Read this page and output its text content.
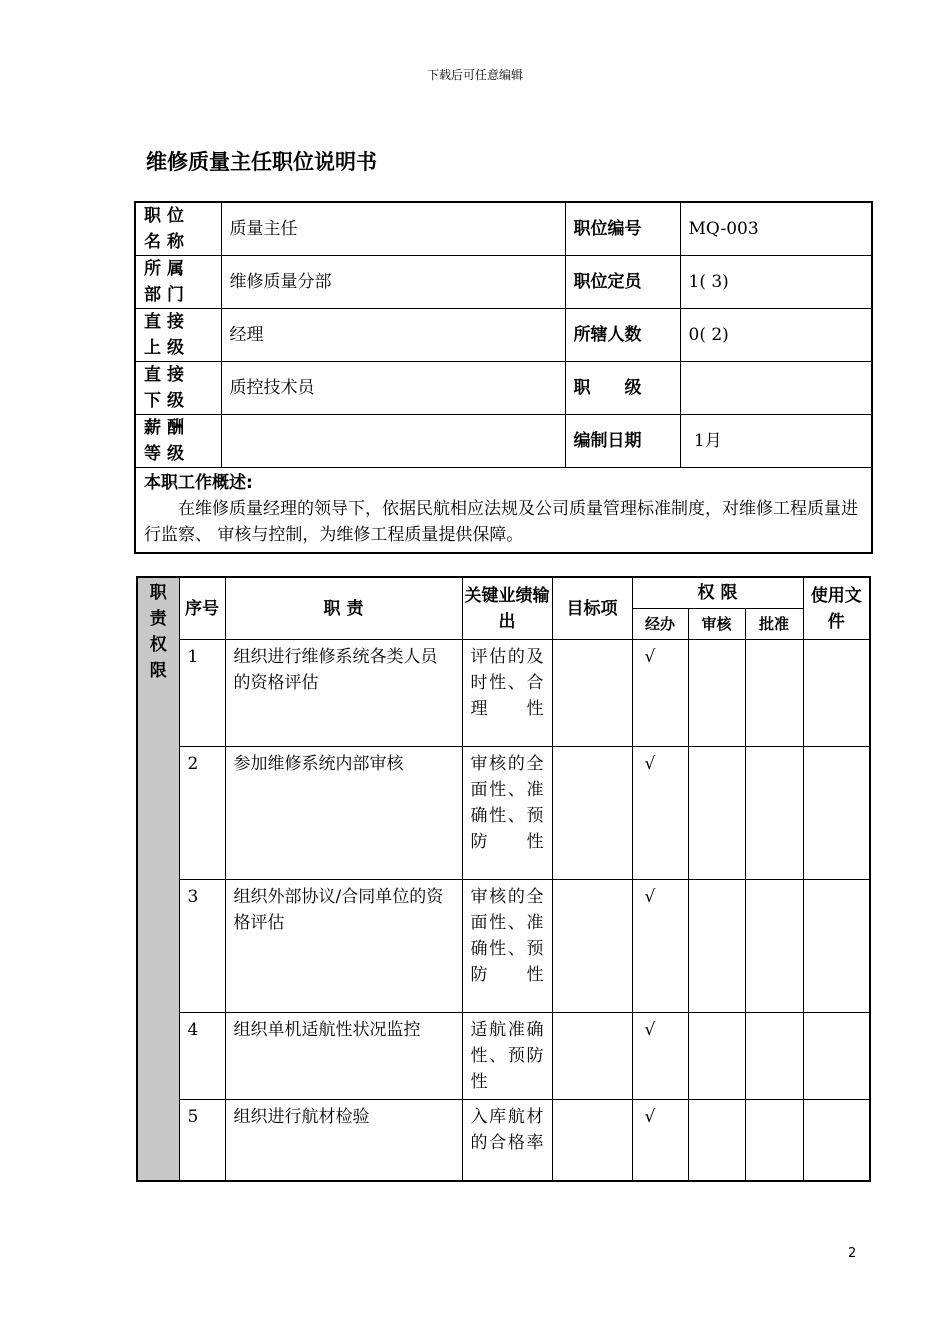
下载后可任意编辑
维修质量主任职位说明书
职位名称	质量主任	职位编号	MQ-003
所属部门	维修质量分部	职位定员	1( 3)
直接上级	经理	所辖人数	0( 2)
直接下级	质控技术员	职　　级	
薪酬等级		编制日期	1月

本职工作概述:
在维修质量经理的领导下，依据民航相应法规及公司质量管理标准制度，对维修工程质量进行监察、 审核与控制，为维修工程质量提供保障。			
职责权限	序号	职 责	关键业绩输出	目标项	权 限			使用文件
					经办	审核	批准	
	1	组织进行维修系统各类人员的资格评估	评估的及时性、合理性		√			
	2	参加维修系统内部审核	审核的全面性、准确性、预防性		√			
	3	组织外部协议/合同单位的资格评估	审核的全面性、准确性、预防性		√			
	4	组织单机适航性状况监控	适航准确性、预防性		√			
	5	组织进行航材检验	入库航材的合格率		√			
2
